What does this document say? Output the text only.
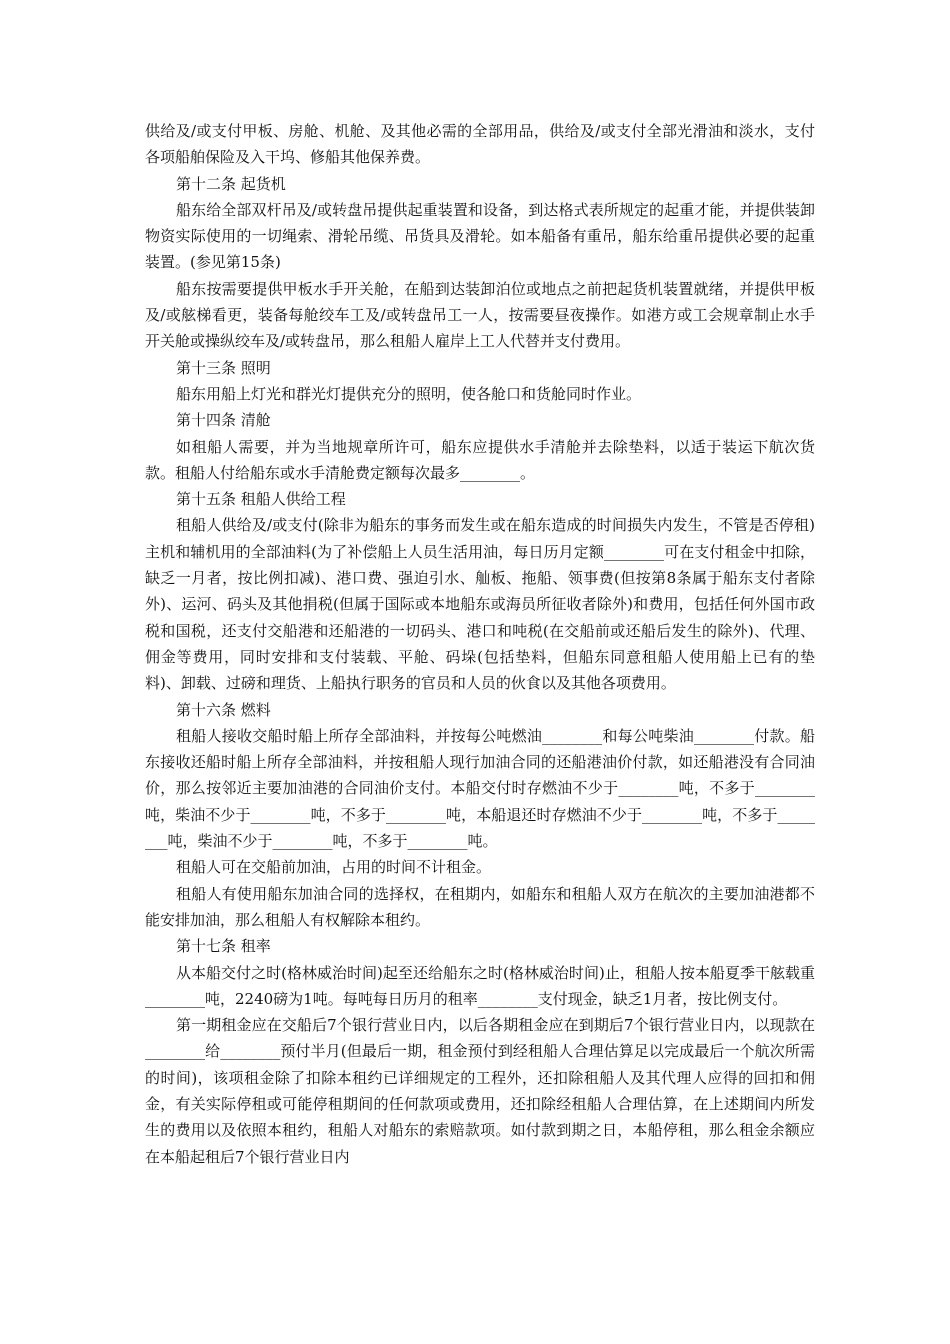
供给及/或支付甲板、房舱、机舱、及其他必需的全部用品，供给及/或支付全部光滑油和淡水，支付各项船舶保险及入干坞、修船其他保养费。

第十二条 起货机

船东给全部双杆吊及/或转盘吊提供起重装置和设备，到达格式表所规定的起重才能，并提供装卸物资实际使用的一切绳索、滑轮吊缆、吊货具及滑轮。如本船备有重吊，船东给重吊提供必要的起重装置。(参见第15条)

船东按需要提供甲板水手开关舱，在船到达装卸泊位或地点之前把起货机装置就绪，并提供甲板及/或舷梯看更，装备每舱绞车工及/或转盘吊工一人，按需要昼夜操作。如港方或工会规章制止水手开关舱或操纵绞车及/或转盘吊，那么租船人雇岸上工人代替并支付费用。

第十三条 照明

船东用船上灯光和群光灯提供充分的照明，使各舱口和货舱同时作业。

第十四条 清舱

如租船人需要，并为当地规章所许可，船东应提供水手清舱并去除垫料，以适于装运下航次货款。租船人付给船东或水手清舱费定额每次最多________。

第十五条 租船人供给工程

租船人供给及/或支付(除非为船东的事务而发生或在船东造成的时间损失内发生，不管是否停租)主机和辅机用的全部油料(为了补偿船上人员生活用油，每日历月定额________可在支付租金中扣除，缺乏一月者，按比例扣减)、港口费、强迫引水、舢板、拖船、领事费(但按第8条属于船东支付者除外)、运河、码头及其他捐税(但属于国际或本地船东或海员所征收者除外)和费用，包括任何外国市政税和国税，还支付交船港和还船港的一切码头、港口和吨税(在交船前或还船后发生的除外)、代理、佣金等费用，同时安排和支付装载、平舱、码垛(包括垫料，但船东同意租船人使用船上已有的垫料)、卸载、过磅和理货、上船执行职务的官员和人员的伙食以及其他各项费用。

第十六条 燃料

租船人接收交船时船上所存全部油料，并按每公吨燃油________和每公吨柴油________付款。船东接收还船时船上所存全部油料，并按租船人现行加油合同的还船港油价付款，如还船港没有合同油价，那么按邻近主要加油港的合同油价支付。本船交付时存燃油不少于________吨，不多于________吨，柴油不少于________吨，不多于________吨，本船退还时存燃油不少于________吨，不多于________吨，柴油不少于________吨，不多于________吨。

租船人可在交船前加油，占用的时间不计租金。

租船人有使用船东加油合同的选择权，在租期内，如船东和租船人双方在航次的主要加油港都不能安排加油，那么租船人有权解除本租约。

第十七条 租率

从本船交付之时(格林威治时间)起至还给船东之时(格林威治时间)止，租船人按本船夏季干舷载重________吨，2240磅为1吨。每吨每日历月的租率________支付现金，缺乏1月者，按比例支付。

第一期租金应在交船后7个银行营业日内，以后各期租金应在到期后7个银行营业日内，以现款在________给________预付半月(但最后一期，租金预付到经租船人合理估算足以完成最后一个航次所需的时间)，该项租金除了扣除本租约已详细规定的工程外，还扣除租船人及其代理人应得的回扣和佣金，有关实际停租或可能停租期间的任何款项或费用，还扣除经租船人合理估算，在上述期间内所发生的费用以及依照本租约，租船人对船东的索赔款项。如付款到期之日，本船停租，那么租金余额应在本船起租后7个银行营业日内
